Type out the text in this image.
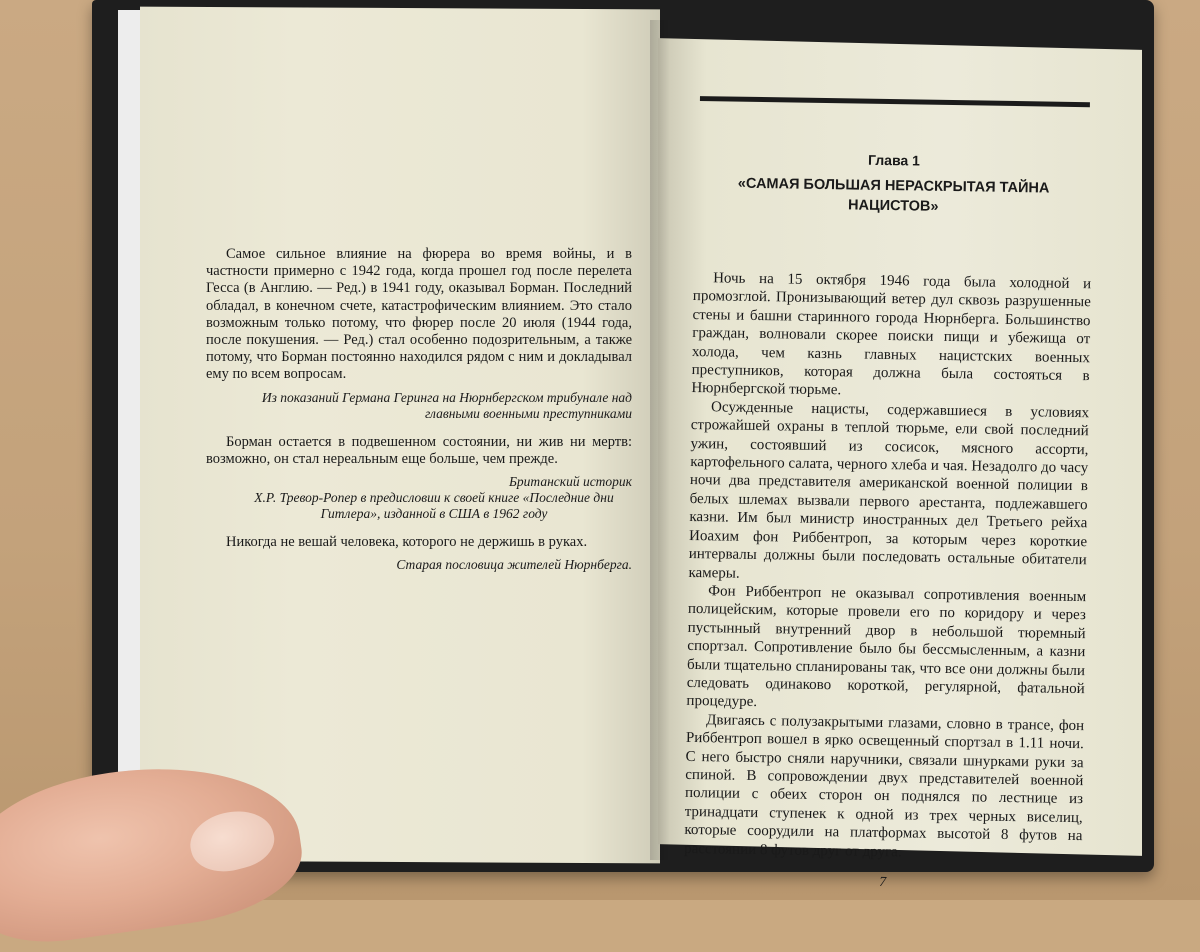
Самое сильное влияние на фюрера во время войны, и в частности примерно с 1942 года, когда прошел год после перелета Гесса (в Англию. — Ред.) в 1941 году, оказывал Борман. Последний обладал, в конечном счете, катастрофическим влиянием. Это стало возможным только потому, что фюрер после 20 июля (1944 года, после покушения. — Ред.) стал особенно подозрительным, а также потому, что Борман постоянно находился рядом с ним и докладывал ему по всем вопросам.

Из показаний Германа Геринга на Нюрнбергском трибунале над главными военными преступниками

Борман остается в подвешенном состоянии, ни жив ни мертв: возможно, он стал нереальным еще больше, чем прежде.

Британский историк

Х.Р. Тревор-Ропер в предисловии к своей книге «Последние дни Гитлера», изданной в США в 1962 году

Никогда не вешай человека, которого не держишь в руках.

Старая пословица жителей Нюрнберга.

Глава 1
«САМАЯ БОЛЬШАЯ НЕРАСКРЫТАЯ ТАЙНА НАЦИСТОВ»

Ночь на 15 октября 1946 года была холодной и промозглой. Пронизывающий ветер дул сквозь разрушенные стены и башни старинного города Нюрнберга. Большинство граждан, волновали скорее поиски пищи и убежища от холода, чем казнь главных нацистских военных преступников, которая должна была состояться в Нюрнбергской тюрьме.

Осужденные нацисты, содержавшиеся в условиях строжайшей охраны в теплой тюрьме, ели свой последний ужин, состоявший из сосисок, мясного ассорти, картофельного салата, черного хлеба и чая. Незадолго до часу ночи два представителя американской военной полиции в белых шлемах вызвали первого арестанта, подлежавшего казни. Им был министр иностранных дел Третьего рейха Иоахим фон Риббентроп, за которым через короткие интервалы должны были последовать остальные обитатели камеры.

Фон Риббентроп не оказывал сопротивления военным полицейским, которые провели его по коридору и через пустынный внутренний двор в небольшой тюремный спортзал. Сопротивление было бы бессмысленным, а казни были тщательно спланированы так, что все они должны были следовать одинаково короткой, регулярной, фатальной процедуре.

Двигаясь с полузакрытыми глазами, словно в трансе, фон Риббентроп вошел в ярко освещенный спортзал в 1.11 ночи. С него быстро сняли наручники, связали шнурками руки за спиной. В сопровождении двух представителей военной полиции с обеих сторон он поднялся по лестнице из тринадцати ступенек к одной из трех черных виселиц, которые соорудили на платформах высотой 8 футов на расстоянии 8 футов друг от друга.

7
